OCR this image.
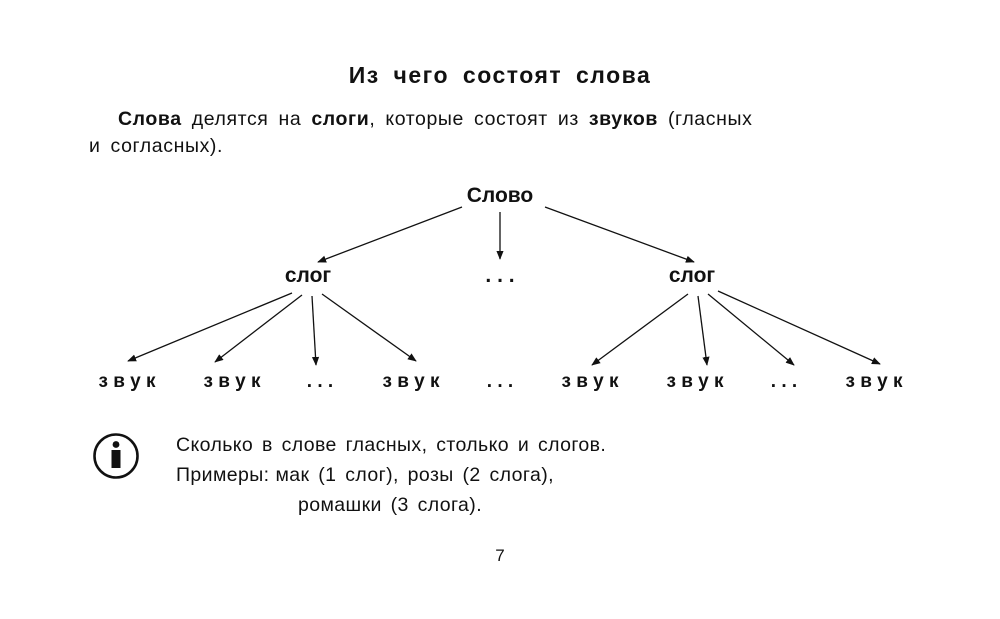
Из чего состоят слова
Слова делятся на слоги, которые состоят из звуков (гласных
и согласных).
Слово
слог	. . .	слог
з в у к	з в у к . . .	з в у к . . .	з в у к	з в у к . . .	з в у к
Сколько в слове гласных, столько и слогов.
Примеры: мак (1 слог), розы (2 слога),
ромашки (3 слога).
7
